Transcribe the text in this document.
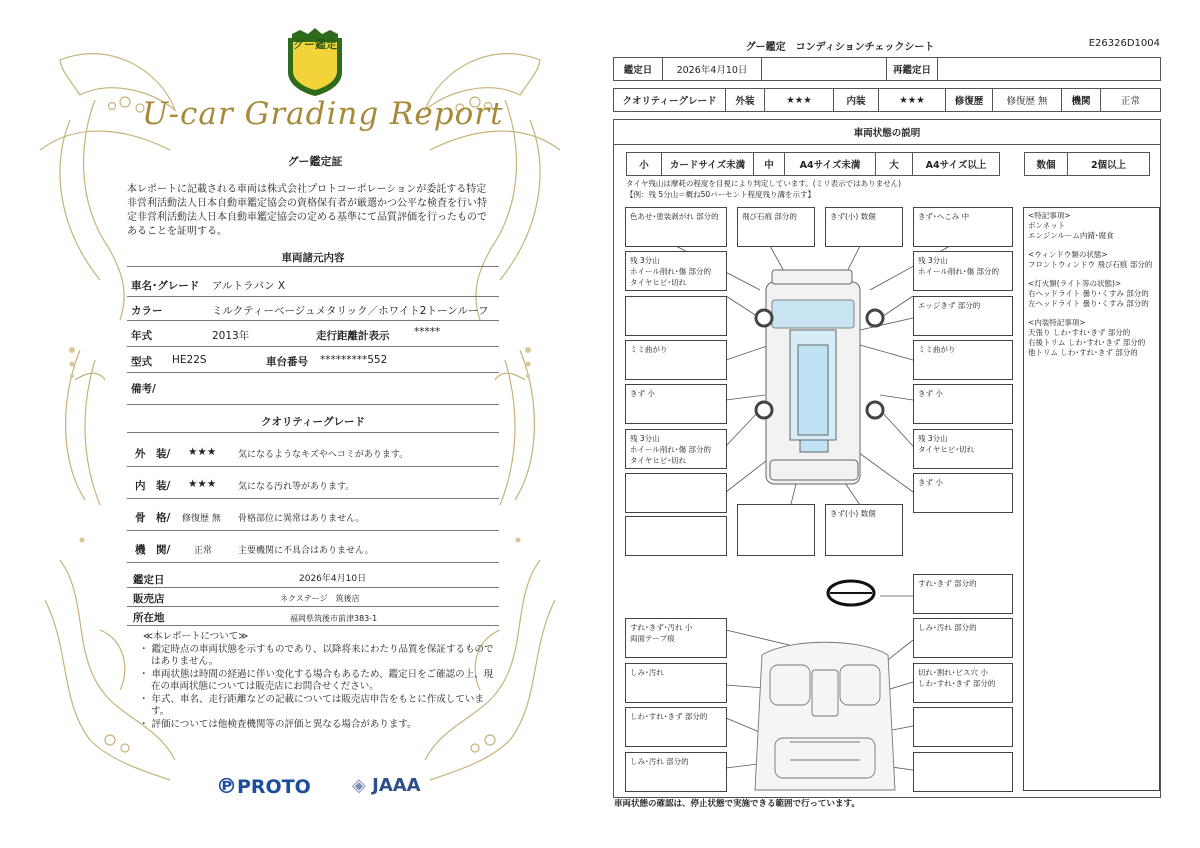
グー鑑定
U-car Grading Report
グー鑑定証
本レポートに記載される車両は株式会社プロトコーポレーションが委託する特定非営利活動法人日本自動車鑑定協会の資格保有者が厳選かつ公平な検査を行い特定非営利活動法人日本自動車鑑定協会の定める基準にて品質評価を行ったものであることを証明する。
車両諸元内容
車名･グレード アルトラパン X
カラー	ミルクティーベージュメタリック／ホワイト2トーンルーフ
年式	2013年	走行距離計表示 *****
型式 HE22S	車台番号 *********552
備考/
クオリティーグレード
外　装/ ★★★ 気になるようなキズやヘコミがあります。
内　装/ ★★★ 気になる汚れ等があります。
骨　格/ 修復歴 無 骨格部位に異常はありません。
機　関/	正常	主要機関に不具合はありません。
鑑定日	2026年4月10日
販売店	ネクステージ　筑後店
所在地	福岡県筑後市前津383-1
≪本レポートについて≫
・ 鑑定時点の車両状態を示すものであり、以降将来にわたり品質を保証するものではありません。
・ 車両状態は時間の経過に伴い変化する場合もあるため、鑑定日をご確認の上、現在の車両状態については販売店にお問合せください。
・ 年式、車名、走行距離などの記載については販売店申告をもとに作成しています。
・ 評価については他検査機関等の評価と異なる場合があります。
℗PROTO ◈ JAAA
グー鑑定　コンディションチェックシート	E26326D1004
鑑定日	2026年4月10日	再鑑定日
クオリティーグレード	外装	★★★	内装	★★★	修復歴	修復歴 無	機関	正常
車両状態の説明
小	カードサイズ未満	中	A4サイズ未満	大	A4サイズ以上	数個	2個以上
タイヤ残山は摩耗の程度を目視により判定しています。(ミリ表示ではありません)
【例：残 5分山＝概ね50パーセント程度残り溝を示す】
色あせ･塗装剥がれ 部分的	飛び石痕 部分的	きず(小) 数個	きず･へこみ 中
残 3分山
ホイール削れ･傷 部分的
タイヤヒビ･切れ
残 3分山
ホイール削れ･傷 部分的
エッジきず 部分的
ミミ曲がり	ミミ曲がり
きず 小	きず 小
残 3分山
ホイール削れ･傷 部分的
タイヤヒビ･切れ
残 3分山
タイヤヒビ･切れ
きず 小
きず(小) 数個
すれ･きず 部分的
すれ･きず･汚れ 小
両面テープ痕
しみ･汚れ 部分的
しみ･汚れ	切れ･割れ･ビス穴 小
しわ･すれ･きず 部分的
しわ･すれ･きず 部分的
しみ･汚れ 部分的
<特記事項>
ボンネット
エンジンルーム内錆･腐食
<ウィンドウ類の状態>
フロントウィンドウ 飛び石痕 部分的
<灯火類(ライト等の状態)>
右ヘッドライト 曇り･くすみ 部分的
左ヘッドライト 曇り･くすみ 部分的
<内装特記事項>
天張り しわ･すれ･きず 部分的
右後トリム しわ･すれ･きず 部分的
他トリム しわ･すれ･きず 部分的
車両状態の確認は、停止状態で実施できる範囲で行っています。
